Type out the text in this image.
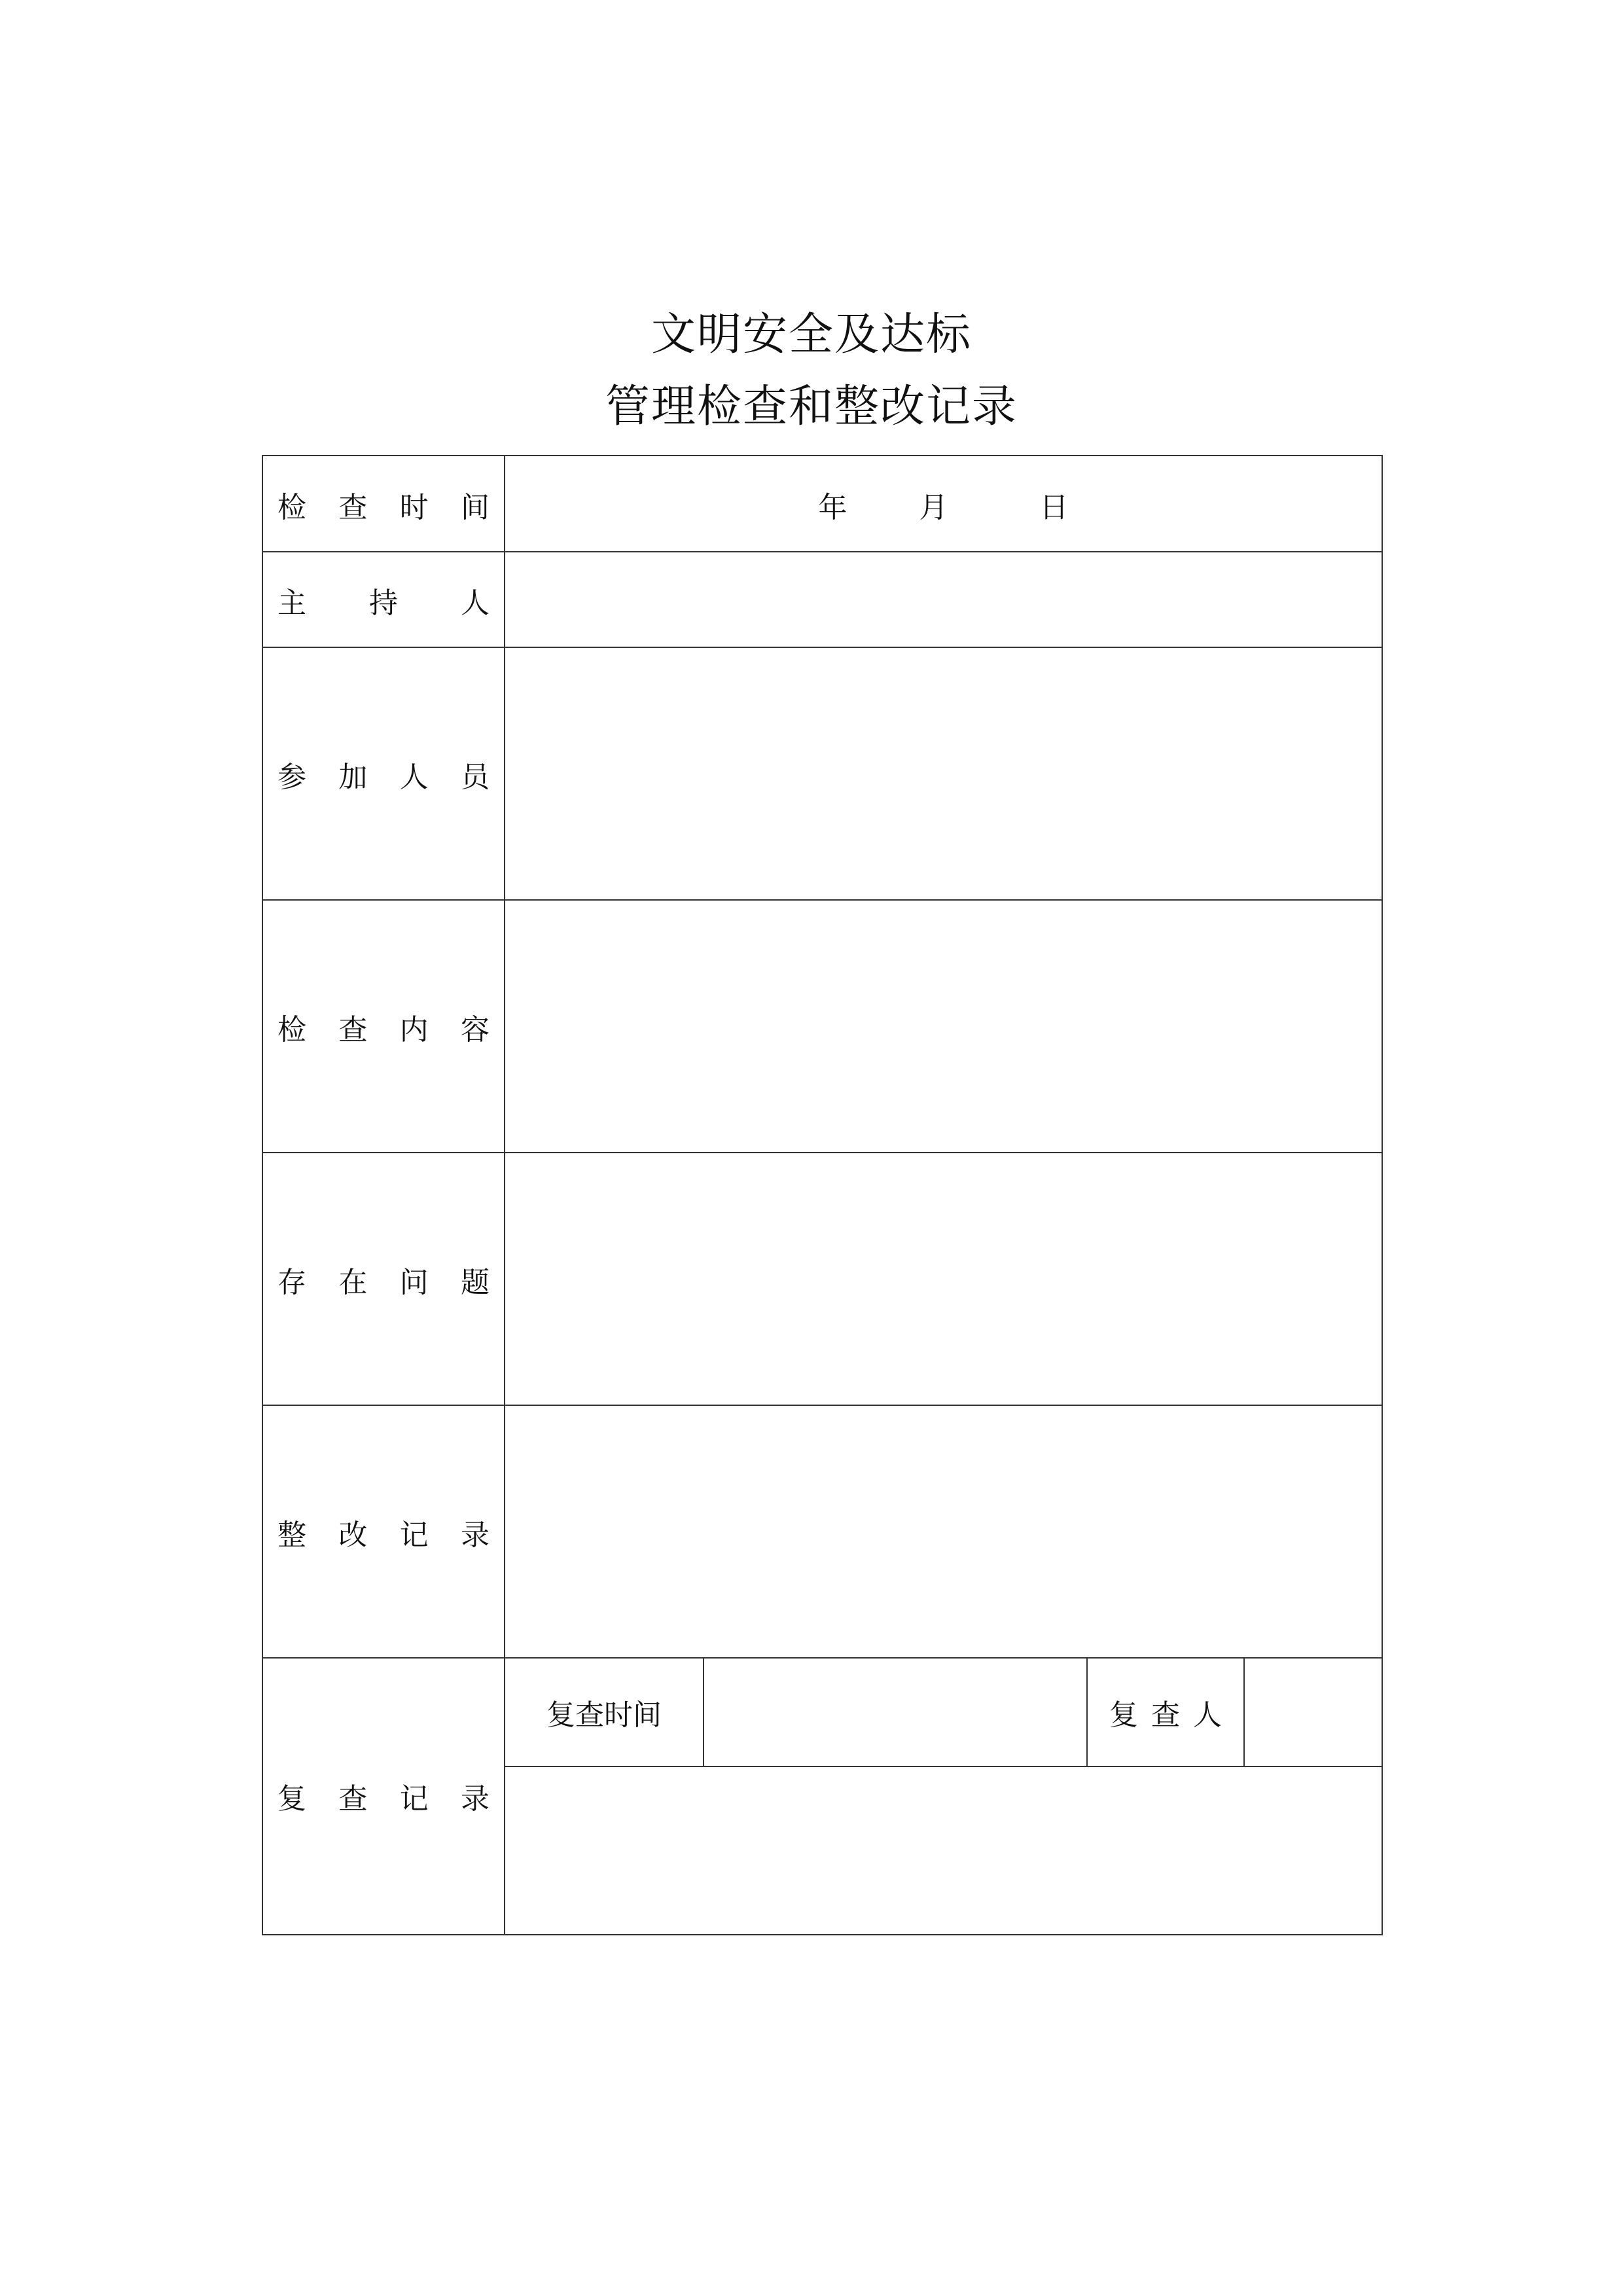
文明安全及达标
管理检查和整改记录
检 查 时 间	年	月	日
主 持 人
参 加 人 员
检 查 内 容
存 在 问 题
整 改 记 录
复 查 记 录
复查时间	复 查 人
